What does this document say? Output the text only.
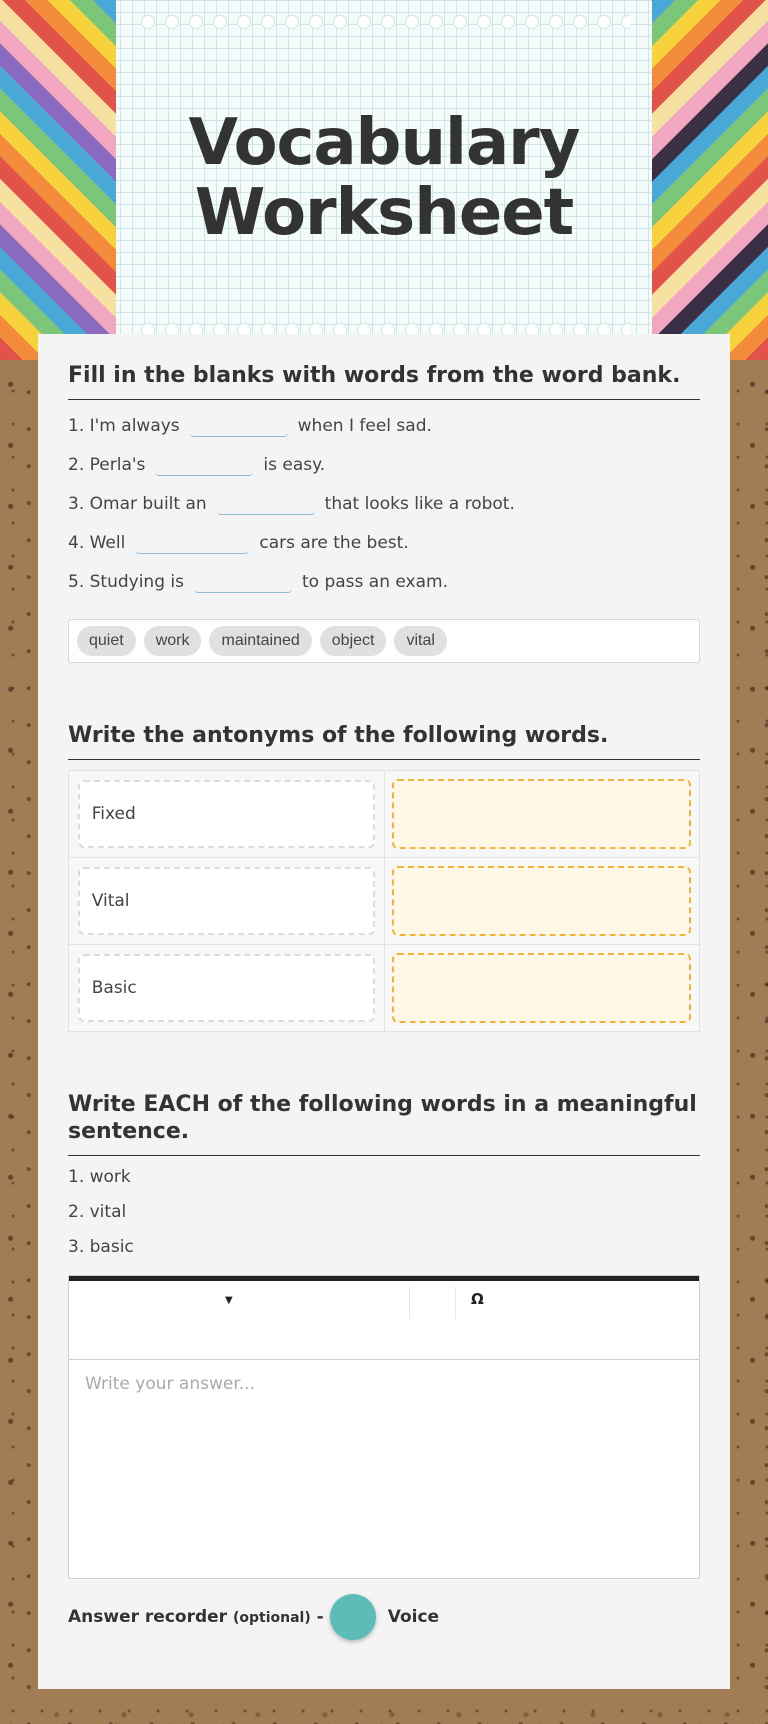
Vocabulary
Worksheet
Fill in the blanks with words from the word bank.
1. I'm always	when I feel sad.
2. Perla's	is easy.
3. Omar built an	that looks like a robot.
4. Well	cars are the best.
5. Studying is	to pass an exam.
quiet	work	maintained	object	vital
Write the antonyms of the following words.
Fixed
Vital
Basic
Write EACH of the following words in a meaningful sentence.
1. work
2. vital
3. basic
▼	Ω
Write your answer...
Answer recorder (optional) -	Voice
